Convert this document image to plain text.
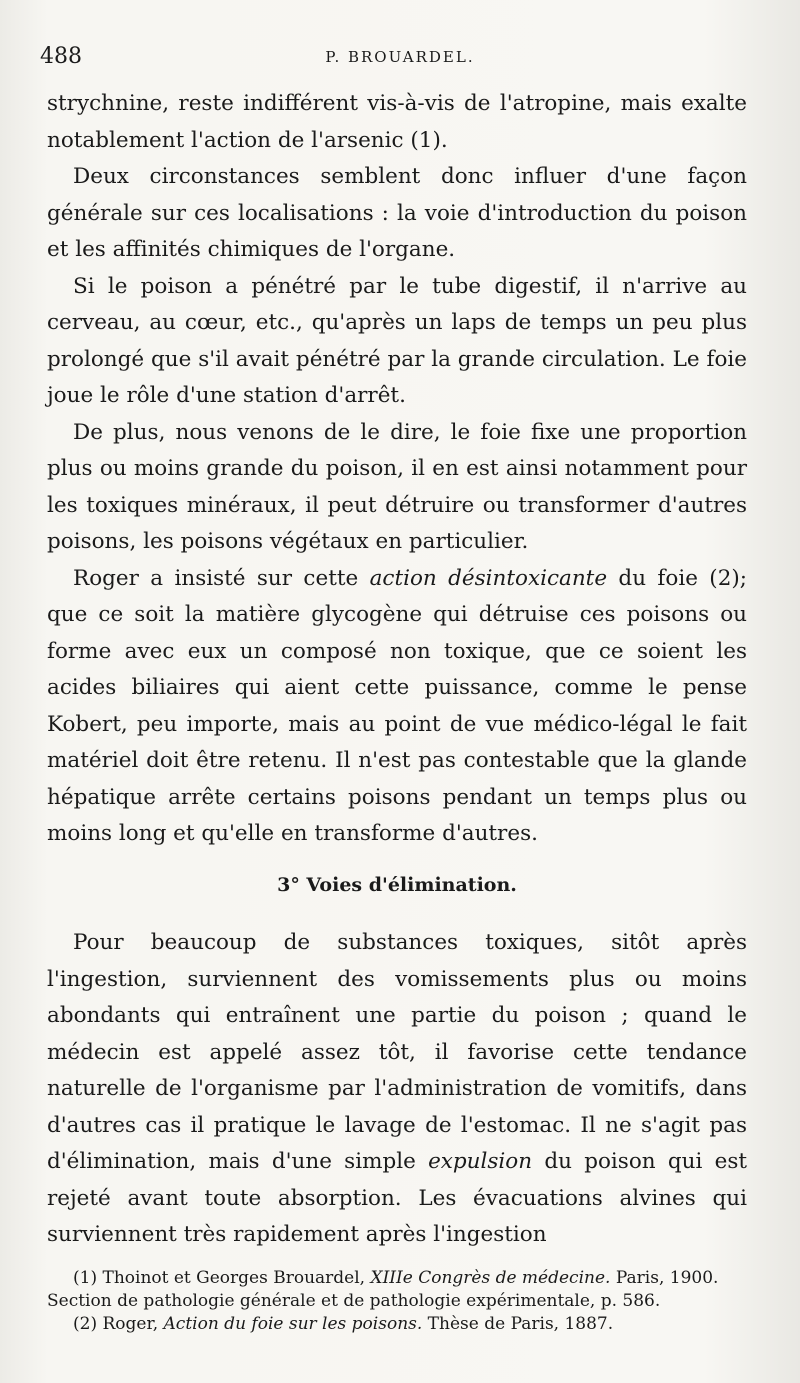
488	P. BROUARDEL.

strychnine, reste indifférent vis-à-vis de l'atropine, mais exalte notablement l'action de l'arsenic (1).

Deux circonstances semblent donc influer d'une façon générale sur ces localisations : la voie d'introduction du poison et les affinités chimiques de l'organe.

Si le poison a pénétré par le tube digestif, il n'arrive au cerveau, au cœur, etc., qu'après un laps de temps un peu plus prolongé que s'il avait pénétré par la grande circulation. Le foie joue le rôle d'une station d'arrêt.

De plus, nous venons de le dire, le foie fixe une proportion plus ou moins grande du poison, il en est ainsi notamment pour les toxiques minéraux, il peut détruire ou transformer d'autres poisons, les poisons végétaux en particulier.

Roger a insisté sur cette action désintoxicante du foie (2); que ce soit la matière glycogène qui détruise ces poisons ou forme avec eux un composé non toxique, que ce soient les acides biliaires qui aient cette puissance, comme le pense Kobert, peu importe, mais au point de vue médico-légal le fait matériel doit être retenu. Il n'est pas contestable que la glande hépatique arrête certains poisons pendant un temps plus ou moins long et qu'elle en transforme d'autres.

3° Voies d'élimination.

Pour beaucoup de substances toxiques, sitôt après l'ingestion, surviennent des vomissements plus ou moins abondants qui entraînent une partie du poison ; quand le médecin est appelé assez tôt, il favorise cette tendance naturelle de l'organisme par l'administration de vomitifs, dans d'autres cas il pratique le lavage de l'estomac. Il ne s'agit pas d'élimination, mais d'une simple expulsion du poison qui est rejeté avant toute absorption. Les évacuations alvines qui surviennent très rapidement après l'ingestion

(1) Thoinot et Georges Brouardel, XIIIe Congrès de médecine. Paris, 1900.

Section de pathologie générale et de pathologie expérimentale, p. 586.

(2) Roger, Action du foie sur les poisons. Thèse de Paris, 1887.
